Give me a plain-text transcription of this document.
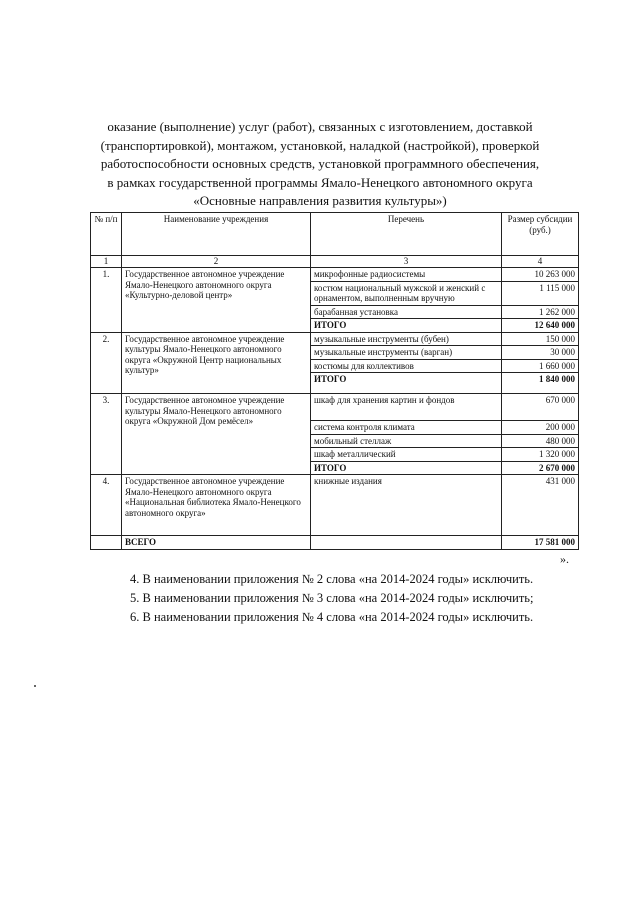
оказание (выполнение) услуг (работ), связанных с изготовлением, доставкой
(транспортировкой), монтажом, установкой, наладкой (настройкой), проверкой
работоспособности основных средств, установкой программного обеспечения,
в рамках государственной программы Ямало-Ненецкого автономного округа
«Основные направления развития культуры»)
№ п/п	Наименование учреждения	Перечень	Размер субсидии (руб.)
1	2	3	4
1.	Государственное автономное учреждение Ямало-Ненецкого автономного округа «Культурно-деловой центр»	микрофонные радиосистемы	10 263 000
		костюм национальный мужской и женский с орнаментом, выполненным вручную	1 115 000
		барабанная установка	1 262 000
		ИТОГО	12 640 000
2.	Государственное автономное учреждение культуры Ямало-Ненецкого автономного округа «Окружной Центр национальных культур»	музыкальные инструменты (бубен)	150 000
		музыкальные инструменты (варган)	30 000
		костюмы для коллективов	1 660 000
		ИТОГО	1 840 000
3.	Государственное автономное учреждение культуры Ямало-Ненецкого автономного округа «Окружной Дом ремёсел»	шкаф для хранения картин и фондов	670 000
		система контроля климата	200 000
		мобильный стеллаж	480 000
		шкаф металлический	1 320 000
		ИТОГО	2 670 000
4.	Государственное автономное учреждение Ямало-Ненецкого автономного округа «Национальная библиотека Ямало-Ненецкого автономного округа»	книжные издания	431 000
	ВСЕГО		17 581 000
».
4. В наименовании приложения № 2 слова «на 2014-2024 годы» исключить.
5. В наименовании приложения № 3 слова «на 2014-2024 годы» исключить;
6. В наименовании приложения № 4 слова «на 2014-2024 годы» исключить.
